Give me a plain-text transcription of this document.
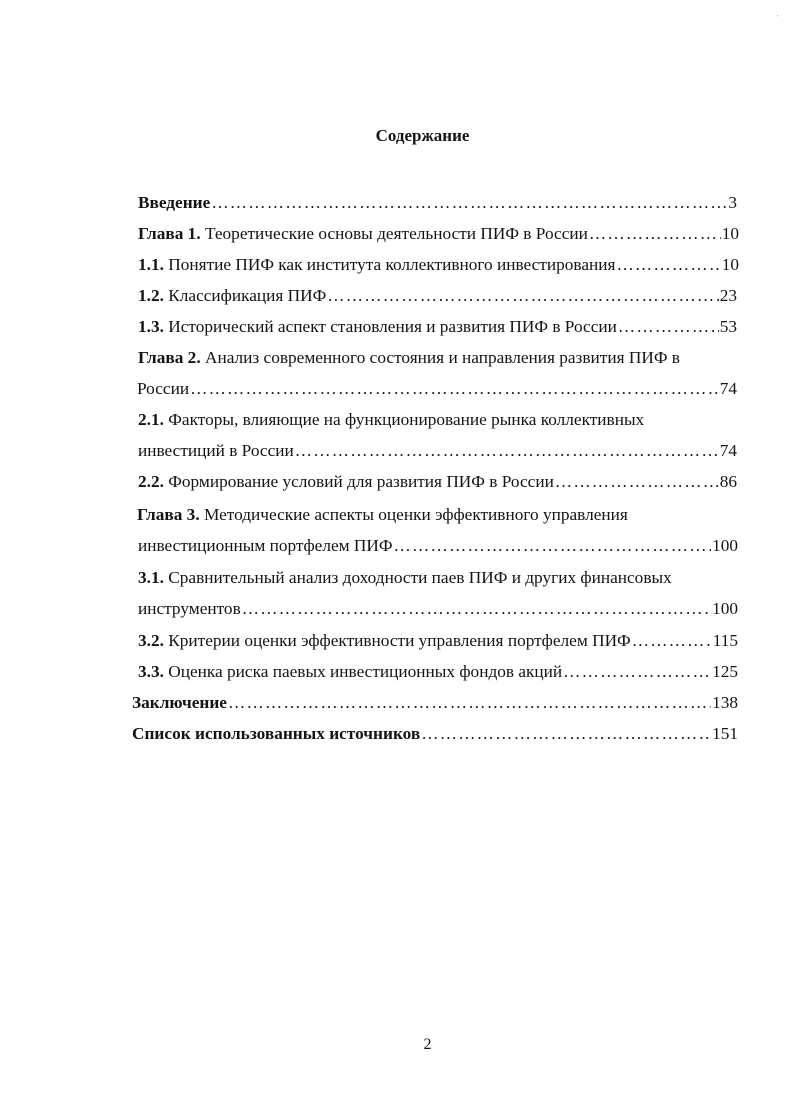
´
Содержание
Введение …………………………………………………………………………………………………………………………………………………………………	3
Глава 1. Теоретические основы деятельности ПИФ в России …………………………………………………………………………………………………………………………………………………………………	10
1.1. Понятие ПИФ как института коллективного инвестирования …………………………………………………………………………………………………………………………………………………………………	10
1.2. Классификация ПИФ …………………………………………………………………………………………………………………………………………………………………	23
1.3. Исторический аспект становления и развития ПИФ в России …………………………………………………………………………………………………………………………………………………………………	53
Глава 2. Анализ современного состояния и направления развития ПИФ в
России …………………………………………………………………………………………………………………………………………………………………	74
2.1. Факторы, влияющие на функционирование рынка коллективных
инвестиций в России …………………………………………………………………………………………………………………………………………………………………	74
2.2. Формирование условий для развития ПИФ в России …………………………………………………………………………………………………………………………………………………………………	86
Глава 3. Методические аспекты оценки эффективного управления
инвестиционным портфелем ПИФ …………………………………………………………………………………………………………………………………………………………………	100
3.1. Сравнительный анализ доходности паев ПИФ и других финансовых
инструментов …………………………………………………………………………………………………………………………………………………………………	100
3.2. Критерии оценки эффективности управления портфелем ПИФ …………………………………………………………………………………………………………………………………………………………………	115
3.3. Оценка риска паевых инвестиционных фондов акций …………………………………………………………………………………………………………………………………………………………………	125
Заключение …………………………………………………………………………………………………………………………………………………………………	138
Список использованных источников …………………………………………………………………………………………………………………………………………………………………	151
2
